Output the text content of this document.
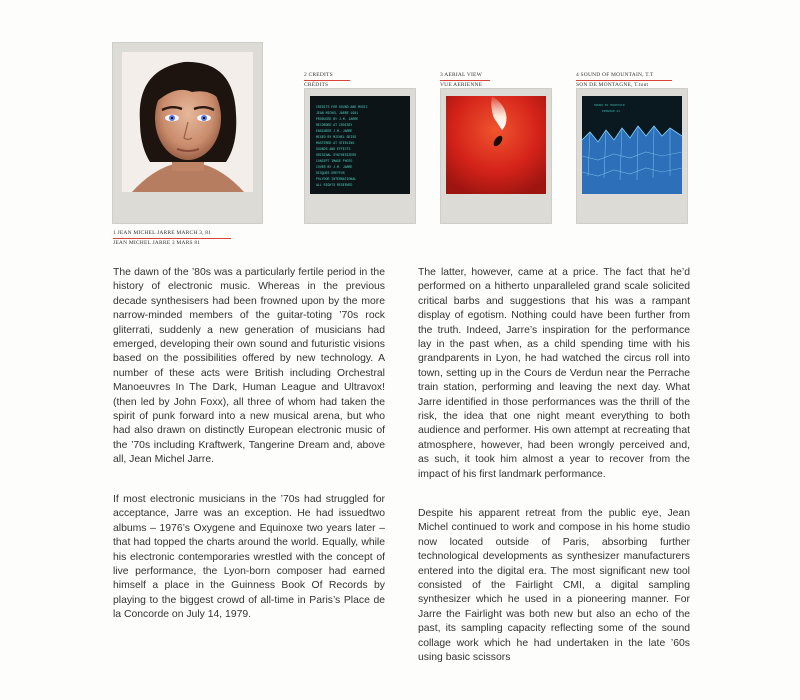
CREDITS FOR SOUND AND MUSIC
JEAN MICHEL JARRE 1981
PRODUCED BY J.M. JARRE
RECORDED AT CROISSY
ENGINEER J.M. JARRE
MIXED BY MICHEL GEISS
MASTERED AT STERLING
SOUNDS AND EFFECTS
ORIGINAL SYNTHESIZERS
CONCEPT IMAGE PHOTO
COVER BY J.M. JARRE
DISQUES DREYFUS
POLYDOR INTERNATIONAL
ALL RIGHTS RESERVED
SOUND OF MOUNTAIN
PROGRAM 22
1 JEAN MICHEL JARRE MARCH 3, 81
JEAN MICHEL JARRE 3 MARS 81
2 CREDITS
CRÉDITS
3 AERIAL VIEW
VUE AERIENNE
4 SOUND OF MOUNTAIN, T.T
SON DE MONTAGNE, T.tout

The dawn of the ’80s was a particularly fertile period in the history of electronic music. Whereas in the previous decade synthesisers had been frowned upon by the more narrow-minded members of the guitar-toting ’70s rock gliterrati, suddenly a new generation of musicians had emerged, developing their own sound and futuristic visions based on the possibilities offered by new technology. A number of these acts were British including Orchestral Manoeuvres In The Dark, Human League and Ultravox! (then led by John Foxx), all three of whom had taken the spirit of punk forward into a new musical arena, but who had also drawn on distinctly European electronic music of the ’70s including Kraftwerk, Tangerine Dream and, above all, Jean Michel Jarre.

If most electronic musicians in the ’70s had struggled for acceptance, Jarre was an exception. He had issuedtwo albums – 1976’s Oxygene and Equinoxe two years later – that had topped the charts around the world. Equally, while his electronic contemporaries wrestled with the concept of live performance, the Lyon-born composer had earned himself a place in the Guinness Book Of Records by playing to the biggest crowd of all-time in Paris’s Place de la Concorde on July 14, 1979.

The latter, however, came at a price. The fact that he’d performed on a hitherto unparalleled grand scale solicited critical barbs and suggestions that his was a rampant display of egotism. Nothing could have been further from the truth. Indeed, Jarre’s inspiration for the performance lay in the past when, as a child spending time with his grandparents in Lyon, he had watched the circus roll into town, setting up in the Cours de Verdun near the Perrache train station, performing and leaving the next day. What Jarre identified in those performances was the thrill of the risk, the idea that one night meant everything to both audience and performer. His own attempt at recreating that atmosphere, however, had been wrongly perceived and, as such, it took him almost a year to recover from the impact of his first landmark performance.

Despite his apparent retreat from the public eye, Jean Michel continued to work and compose in his home studio now located outside of Paris, absorbing further technological developments as synthesizer manufacturers entered into the digital era. The most significant new tool consisted of the Fairlight CMI, a digital sampling synthesizer which he used in a pioneering manner. For Jarre the Fairlight was both new but also an echo of the past, its sampling capacity reflecting some of the sound collage work which he had undertaken in the late ’60s using basic scissors
